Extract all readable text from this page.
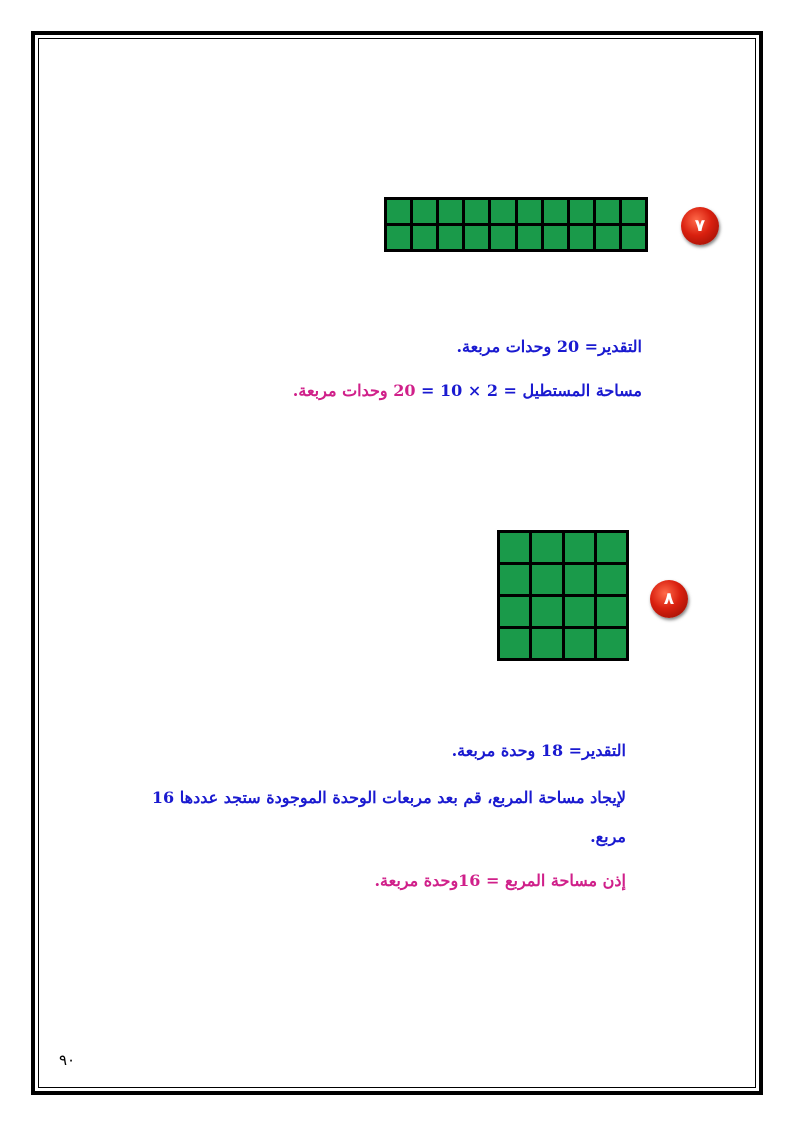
٧
التقدير= 20 وحدات مربعة.
مساحة المستطيل = 2 × 10 = 20 وحدات مربعة.
٨
التقدير= 18 وحدة مربعة.
لإيجاد مساحة المربع، قم بعد مربعات الوحدة الموجودة ستجد عددها 16
مربع.
إذن مساحة المربع = 16وحدة مربعة.
٩٠
